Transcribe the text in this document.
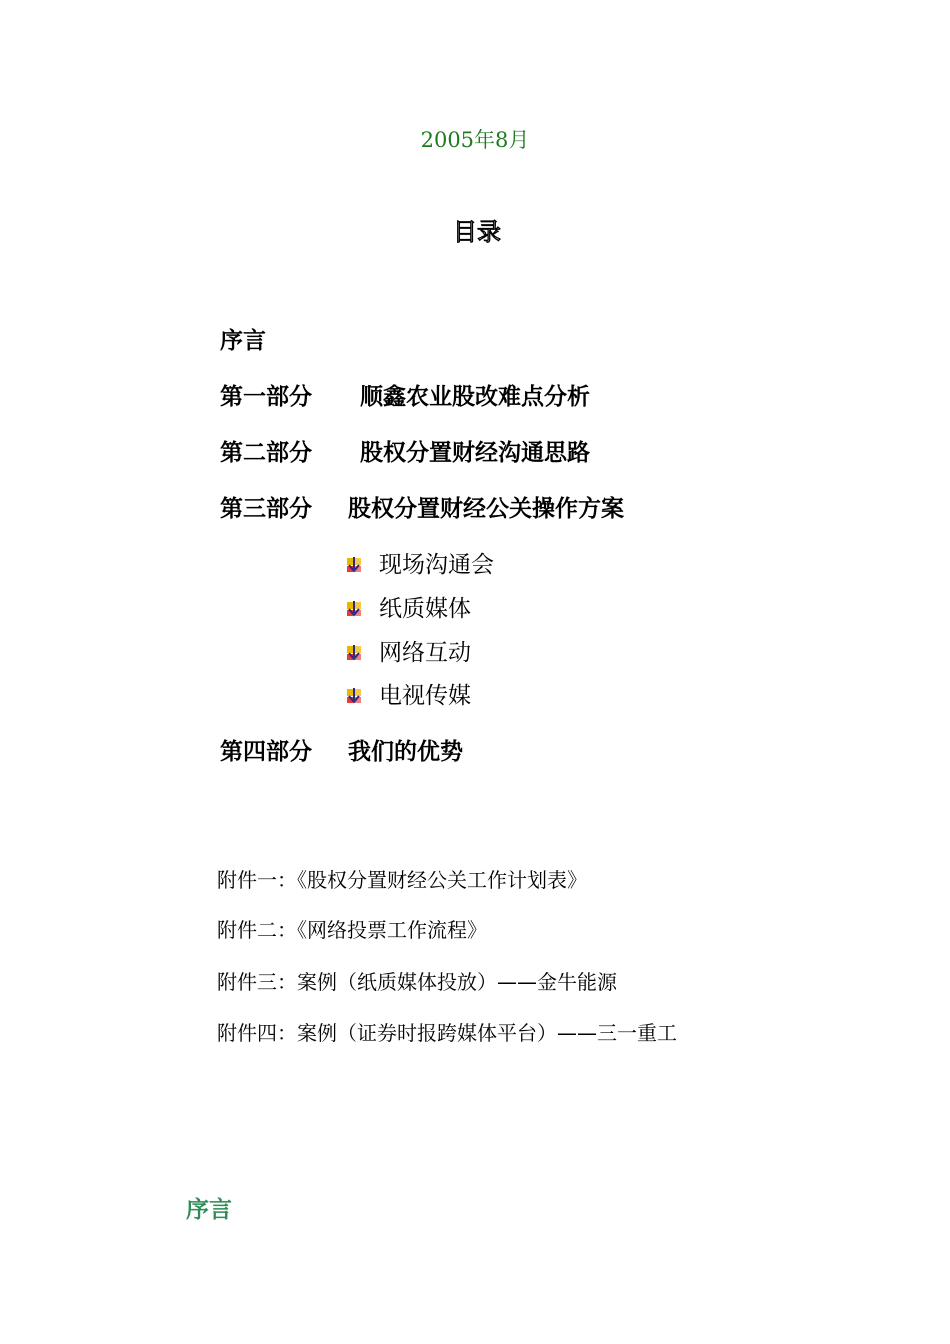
2005年8月
目录
序言
第一部分 顺鑫农业股改难点分析
第二部分 股权分置财经沟通思路
第三部分 股权分置财经公关操作方案
现场沟通会
纸质媒体
网络互动
电视传媒
第四部分 我们的优势
附件一：《股权分置财经公关工作计划表》
附件二：《网络投票工作流程》
附件三：案例（纸质媒体投放）——金牛能源
附件四：案例（证券时报跨媒体平台）——三一重工
序言
